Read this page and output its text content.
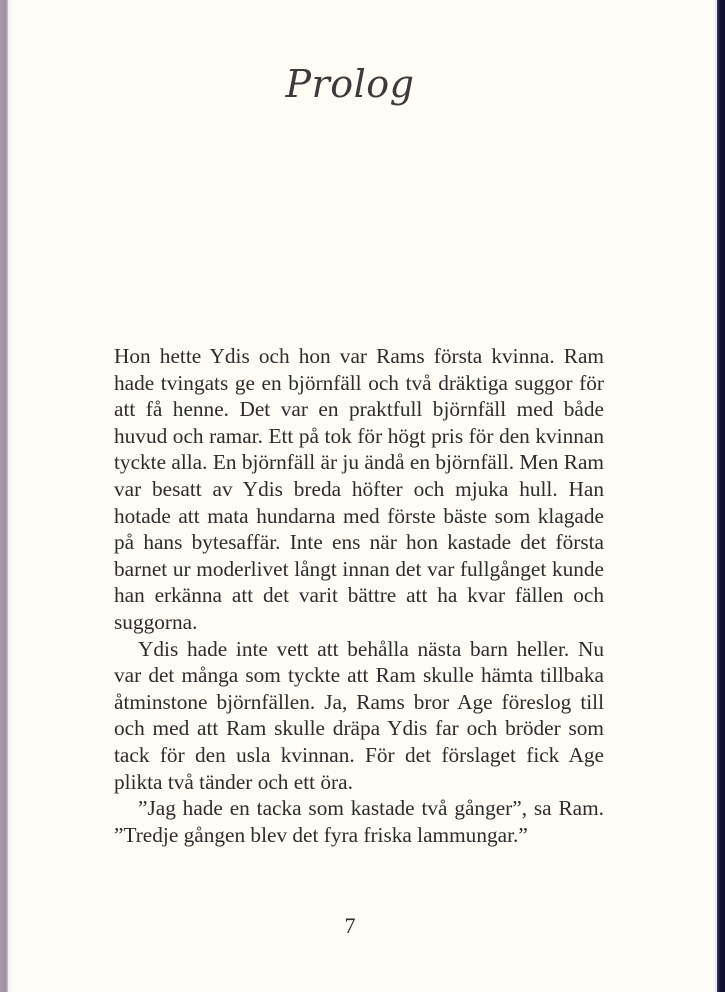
Prolog

Hon hette Ydis och hon var Rams första kvinna. Ram hade tvingats ge en björnfäll och två dräktiga suggor för att få henne. Det var en praktfull björnfäll med både huvud och ramar. Ett på tok för högt pris för den kvinnan tyckte alla. En björnfäll är ju ändå en björnfäll. Men Ram var besatt av Ydis breda höfter och mjuka hull. Han hotade att mata hundarna med förste bäste som klagade på hans bytesaffär. Inte ens när hon kastade det första barnet ur moderlivet långt innan det var fullgånget kunde han erkänna att det varit bättre att ha kvar fällen och suggorna.

Ydis hade inte vett att behålla nästa barn heller. Nu var det många som tyckte att Ram skulle hämta tillbaka åtminstone björnfällen. Ja, Rams bror Age föreslog till och med att Ram skulle dräpa Ydis far och bröder som tack för den usla kvinnan. För det förslaget fick Age plikta två tänder och ett öra.

”Jag hade en tacka som kastade två gånger”, sa Ram. ”Tredje gången blev det fyra friska lammungar.”

7
